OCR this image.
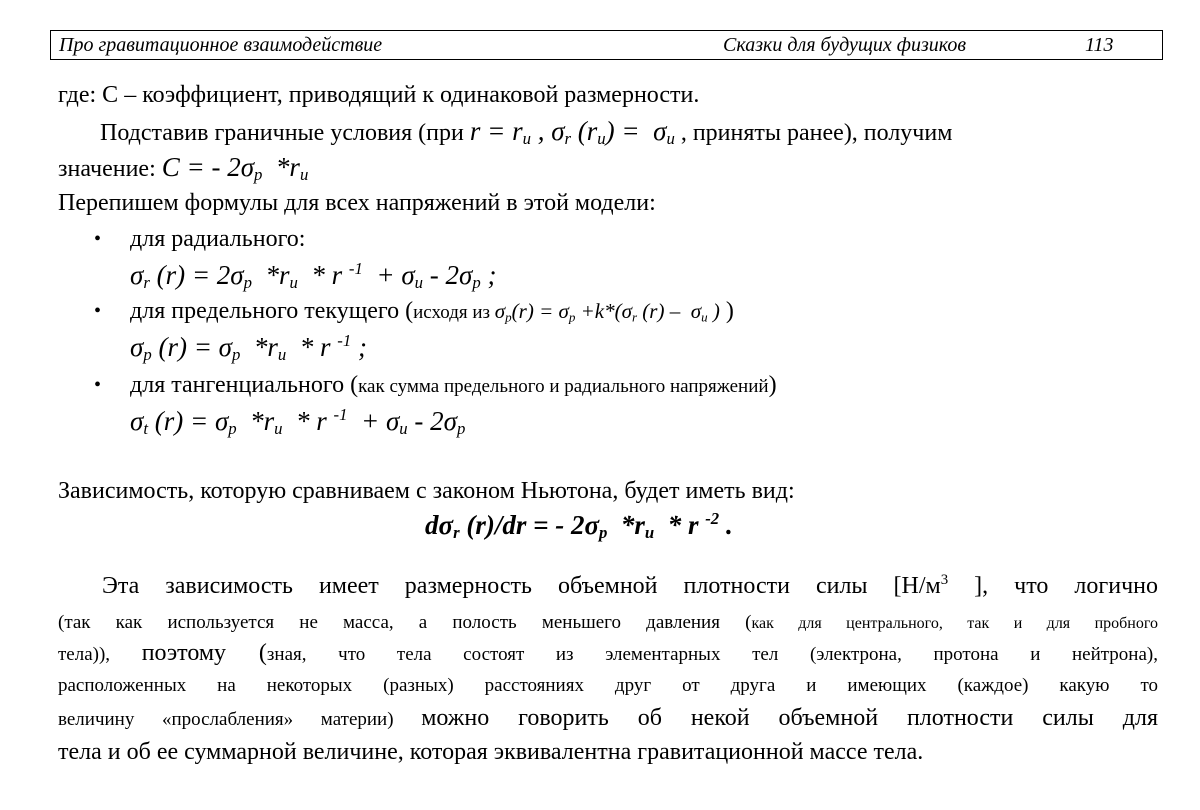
Про гравитационное взаимодействие	Сказки для будущих физиков	113
где: С – коэффициент, приводящий к одинаковой размерности.
Подставив граничные условия (при $r = r_u$ , $\sigma_r$ $(r_u) = \sigma_u$ , приняты ранее), получим
значение: C = - $2\sigma_p$  $*r_u$
Перепишем формулы для всех напряжений в этой модели:
• для радиального:
$\sigma_r$ $(r) = 2\sigma_p$  $*r_u$  * r $^{-1} + \sigma_u - 2\sigma_p$ ;
• для предельного текущего (исходя из $\sigma_p(r) = \sigma_p +k*(\sigma_r$ $(r) - \sigma_u$ ) )
$\sigma_p$ $(r) = \sigma_p$  $*r_u$  * r $^{-1}$ ;
• для тангенциального (как сумма предельного и радиального напряжений)
$\sigma_t$ $(r) = \sigma_p$  $*r_u$  * r $^{-1} + \sigma_u - 2\sigma_p$
Зависимость, которую сравниваем с законом Ньютона, будет иметь вид:
$d\sigma_r$ (r)/dr = - $2\sigma_p$  $*r_u$  * r $^{-2}$ .
Эта зависимость имеет размерность объемной плотности силы [$Н/м^3$ ], что логично
(так как используется не масса, а полость меньшего давления (как для центрального, так и для пробного
тела)), поэтому (зная, что тела состоят из элементарных тел (электрона, протона и нейтрона),
расположенных на некоторых (разных) расстояниях друг от друга и имеющих (каждое) какую то
величину «прослабления» материи) можно говорить об некой объемной плотности силы для
тела и об ее суммарной величине, которая эквивалентна гравитационной массе тела.
